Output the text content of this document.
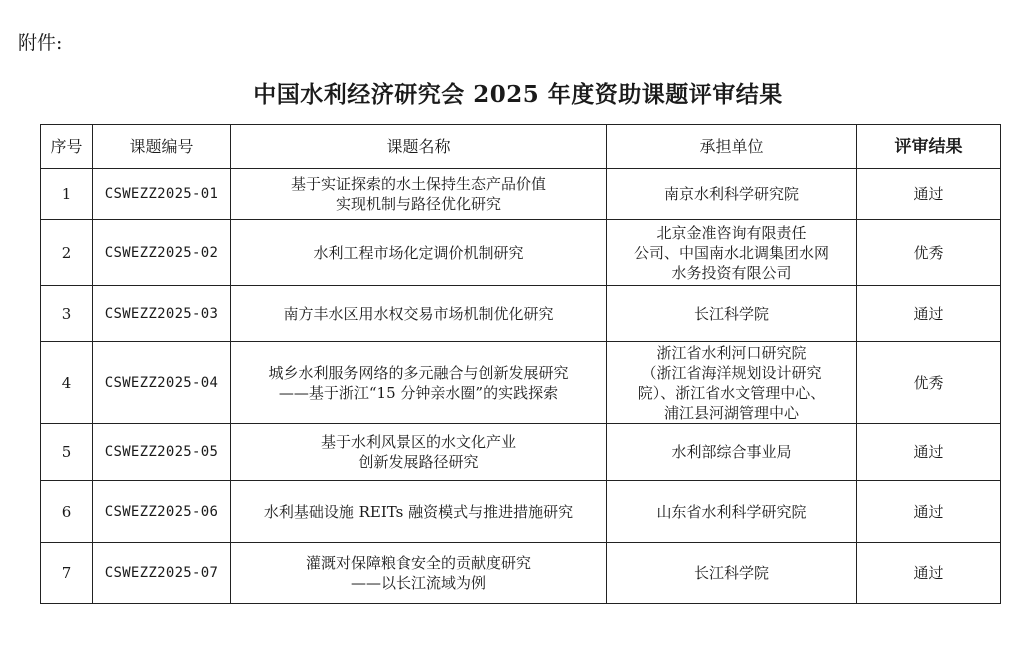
附件:
中国水利经济研究会 2025 年度资助课题评审结果
序号	课题编号	课题名称	承担单位	评审结果
1	CSWEZZ2025-01	基于实证探索的水土保持生态产品价值
实现机制与路径优化研究	南京水利科学研究院	通过
2	CSWEZZ2025-02	水利工程市场化定调价机制研究	北京金准咨询有限责任
公司、中国南水北调集团水网
水务投资有限公司	优秀
3	CSWEZZ2025-03	南方丰水区用水权交易市场机制优化研究	长江科学院	通过
4	CSWEZZ2025-04	城乡水利服务网络的多元融合与创新发展研究
——基于浙江“15 分钟亲水圈”的实践探索	浙江省水利河口研究院
（浙江省海洋规划设计研究
院）、浙江省水文管理中心、
浦江县河湖管理中心	优秀
5	CSWEZZ2025-05	基于水利风景区的水文化产业
创新发展路径研究	水利部综合事业局	通过
6	CSWEZZ2025-06	水利基础设施 REITs 融资模式与推进措施研究	山东省水利科学研究院	通过
7	CSWEZZ2025-07	灌溉对保障粮食安全的贡献度研究
——以长江流域为例	长江科学院	通过
